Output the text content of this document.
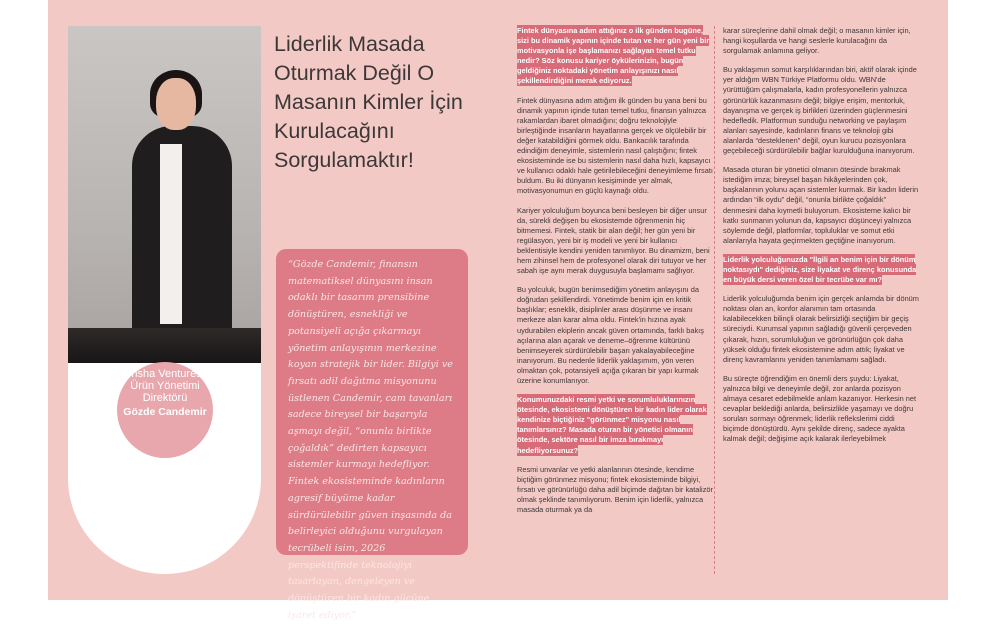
Insha Ventures Ürün Yönetimi Direktörü
Gözde Candemir
Liderlik Masada Oturmak Değil O Masanın Kimler İçin Kurulacağını Sorgulamaktır!
“Gözde Candemir, finansın matematiksel dünyasını insan odaklı bir tasarım prensibine dönüştüren, esnekliği ve potansiyeli açığa çıkarmayı yönetim anlayışının merkezine koyan stratejik bir lider. Bilgiyi ve fırsatı adil dağıtma misyonunu üstlenen Candemir, cam tavanları sadece bireysel bir başarıyla aşmayı değil, “onunla birlikte çoğaldık” dedirten kapsayıcı sistemler kurmayı hedefliyor. Fintek ekosisteminde kadınların agresif büyüme kadar sürdürülebilir güven inşasında da belirleyici olduğunu vurgulayan tecrübeli isim, 2026 perspektifinde teknolojiyi tasarlayan, dengeleyen ve dönüştüren bir kadın gücüne işaret ediyor.”

Fintek dünyasına adım attığınız o ilk günden bugüne, sizi bu dinamik yapının içinde tutan ve her gün yeni bir motivasyonla işe başlamanızı sağlayan temel tutku nedir? Söz konusu kariyer öykülerinizin, bugün geldiğiniz noktadaki yönetim anlayışınızı nasıl şekillendirdiğini merak ediyoruz.

Fintek dünyasına adım attığım ilk günden bu yana beni bu dinamik yapının içinde tutan temel tutku, finansın yalnızca rakamlardan ibaret olmadığını; doğru teknolojiyle birleştiğinde insanların hayatlarına gerçek ve ölçülebilir bir değer katabildiğini görmek oldu. Bankacılık tarafında edindiğim deneyimle, sistemlerin nasıl çalıştığını; fintek ekosisteminde ise bu sistemlerin nasıl daha hızlı, kapsayıcı ve kullanıcı odaklı hale getirilebileceğini deneyimleme fırsatı buldum. Bu iki dünyanın kesişiminde yer almak, motivasyonumun en güçlü kaynağı oldu.

Kariyer yolculuğum boyunca beni besleyen bir diğer unsur da, sürekli değişen bu ekosistemde öğrenmenin hiç bitmemesi. Fintek, statik bir alan değil; her gün yeni bir regülasyon, yeni bir iş modeli ve yeni bir kullanıcı beklentisiyle kendini yeniden tanımlıyor. Bu dinamizm, beni hem zihinsel hem de profesyonel olarak diri tutuyor ve her sabah işe aynı merak duygusuyla başlamamı sağlıyor.

Bu yolculuk, bugün benimsediğim yönetim anlayışını da doğrudan şekillendirdi. Yönetimde benim için en kritik başlıklar; esneklik, disiplinler arası düşünme ve insanı merkeze alan karar alma oldu. Fintek'in hızına ayak uydurabilen ekiplerin ancak güven ortamında, farklı bakış açılarına alan açarak ve deneme–öğrenme kültürünü benimseyerek sürdürülebilir başarı yakalayabileceğine inanıyorum. Bu nedenle liderlik yaklaşımım, yön veren olmaktan çok, potansiyeli açığa çıkaran bir yapı kurmak üzerine konumlanıyor.

Konumunuzdaki resmi yetki ve sorumluluklarınızın ötesinde, ekosistemi dönüştüren bir kadın lider olarak kendinize biçtiğiniz "görünmez" misyonu nasıl tanımlarsınız? Masada oturan bir yönetici olmanın ötesinde, sektöre nasıl bir imza bırakmayı hedefliyorsunuz?

Resmi unvanlar ve yetki alanlarının ötesinde, kendime biçtiğim görünmez misyonu; fintek ekosisteminde bilgiyi, fırsatı ve görünürlüğü daha adil biçimde dağıtan bir katalizör olmak şeklinde tanımlıyorum. Benim için liderlik, yalnızca masada oturmak ya da

karar süreçlerine dahil olmak değil; o masanın kimler için, hangi koşullarda ve hangi seslerle kurulacağını da sorgulamak anlamına geliyor.

Bu yaklaşımın somut karşılıklarından biri, aktif olarak içinde yer aldığım WBN Türkiye Platformu oldu. WBN'de yürüttüğüm çalışmalarla, kadın profesyonellerin yalnızca görünürlük kazanmasını değil; bilgiye erişim, mentorluk, dayanışma ve gerçek iş birlikleri üzerinden güçlenmesini hedefledik. Platformun sunduğu networking ve paylaşım alanları sayesinde, kadınların finans ve teknoloji gibi alanlarda “desteklenen” değil, oyun kurucu pozisyonlara geçebileceği sürdürülebilir bağlar kurulduğuna inanıyorum.

Masada oturan bir yönetici olmanın ötesinde bırakmak istediğim imza; bireysel başarı hikâyelerinden çok, başkalarının yolunu açan sistemler kurmak. Bir kadın liderin ardından “ilk oydu” değil, “onunla birlikte çoğaldık” denmesini daha kıymetli buluyorum. Ekosisteme kalıcı bir katkı sunmanın yolunun da, kapsayıcı düşünceyi yalnızca söylemde değil, platformlar, topluluklar ve somut etki alanlarıyla hayata geçirmekten geçtiğine inanıyorum.

Liderlik yolculuğunuzda "İlgili an benim için bir dönüm noktasıydı" dediğiniz, size liyakat ve direnç konusunda en büyük dersi veren özel bir tecrübe var mı?

Liderlik yolculuğumda benim için gerçek anlamda bir dönüm noktası olan an, konfor alanımın tam ortasında kalabilecekken bilinçli olarak belirsizliği seçtiğim bir geçiş süreciydi. Kurumsal yapının sağladığı güvenli çerçeveden çıkarak, hızın, sorumluluğun ve görünürlüğün çok daha yüksek olduğu fintek ekosistemine adım attık; liyakat ve direnç kavramlarını yeniden tanımlamamı sağladı.

Bu süreçte öğrendiğim en önemli ders şuydu: Liyakat, yalnızca bilgi ve deneyimle değil, zor anlarda pozisyon almaya cesaret edebilmekle anlam kazanıyor. Herkesin net cevaplar beklediği anlarda, belirsizlikle yaşamayı ve doğru soruları sormayı öğrenmek; liderlik reflekslerimi ciddi biçimde dönüştürdü. Aynı şekilde direnç, sadece ayakta kalmak değil; değişime açık kalarak ilerleyebilmek
